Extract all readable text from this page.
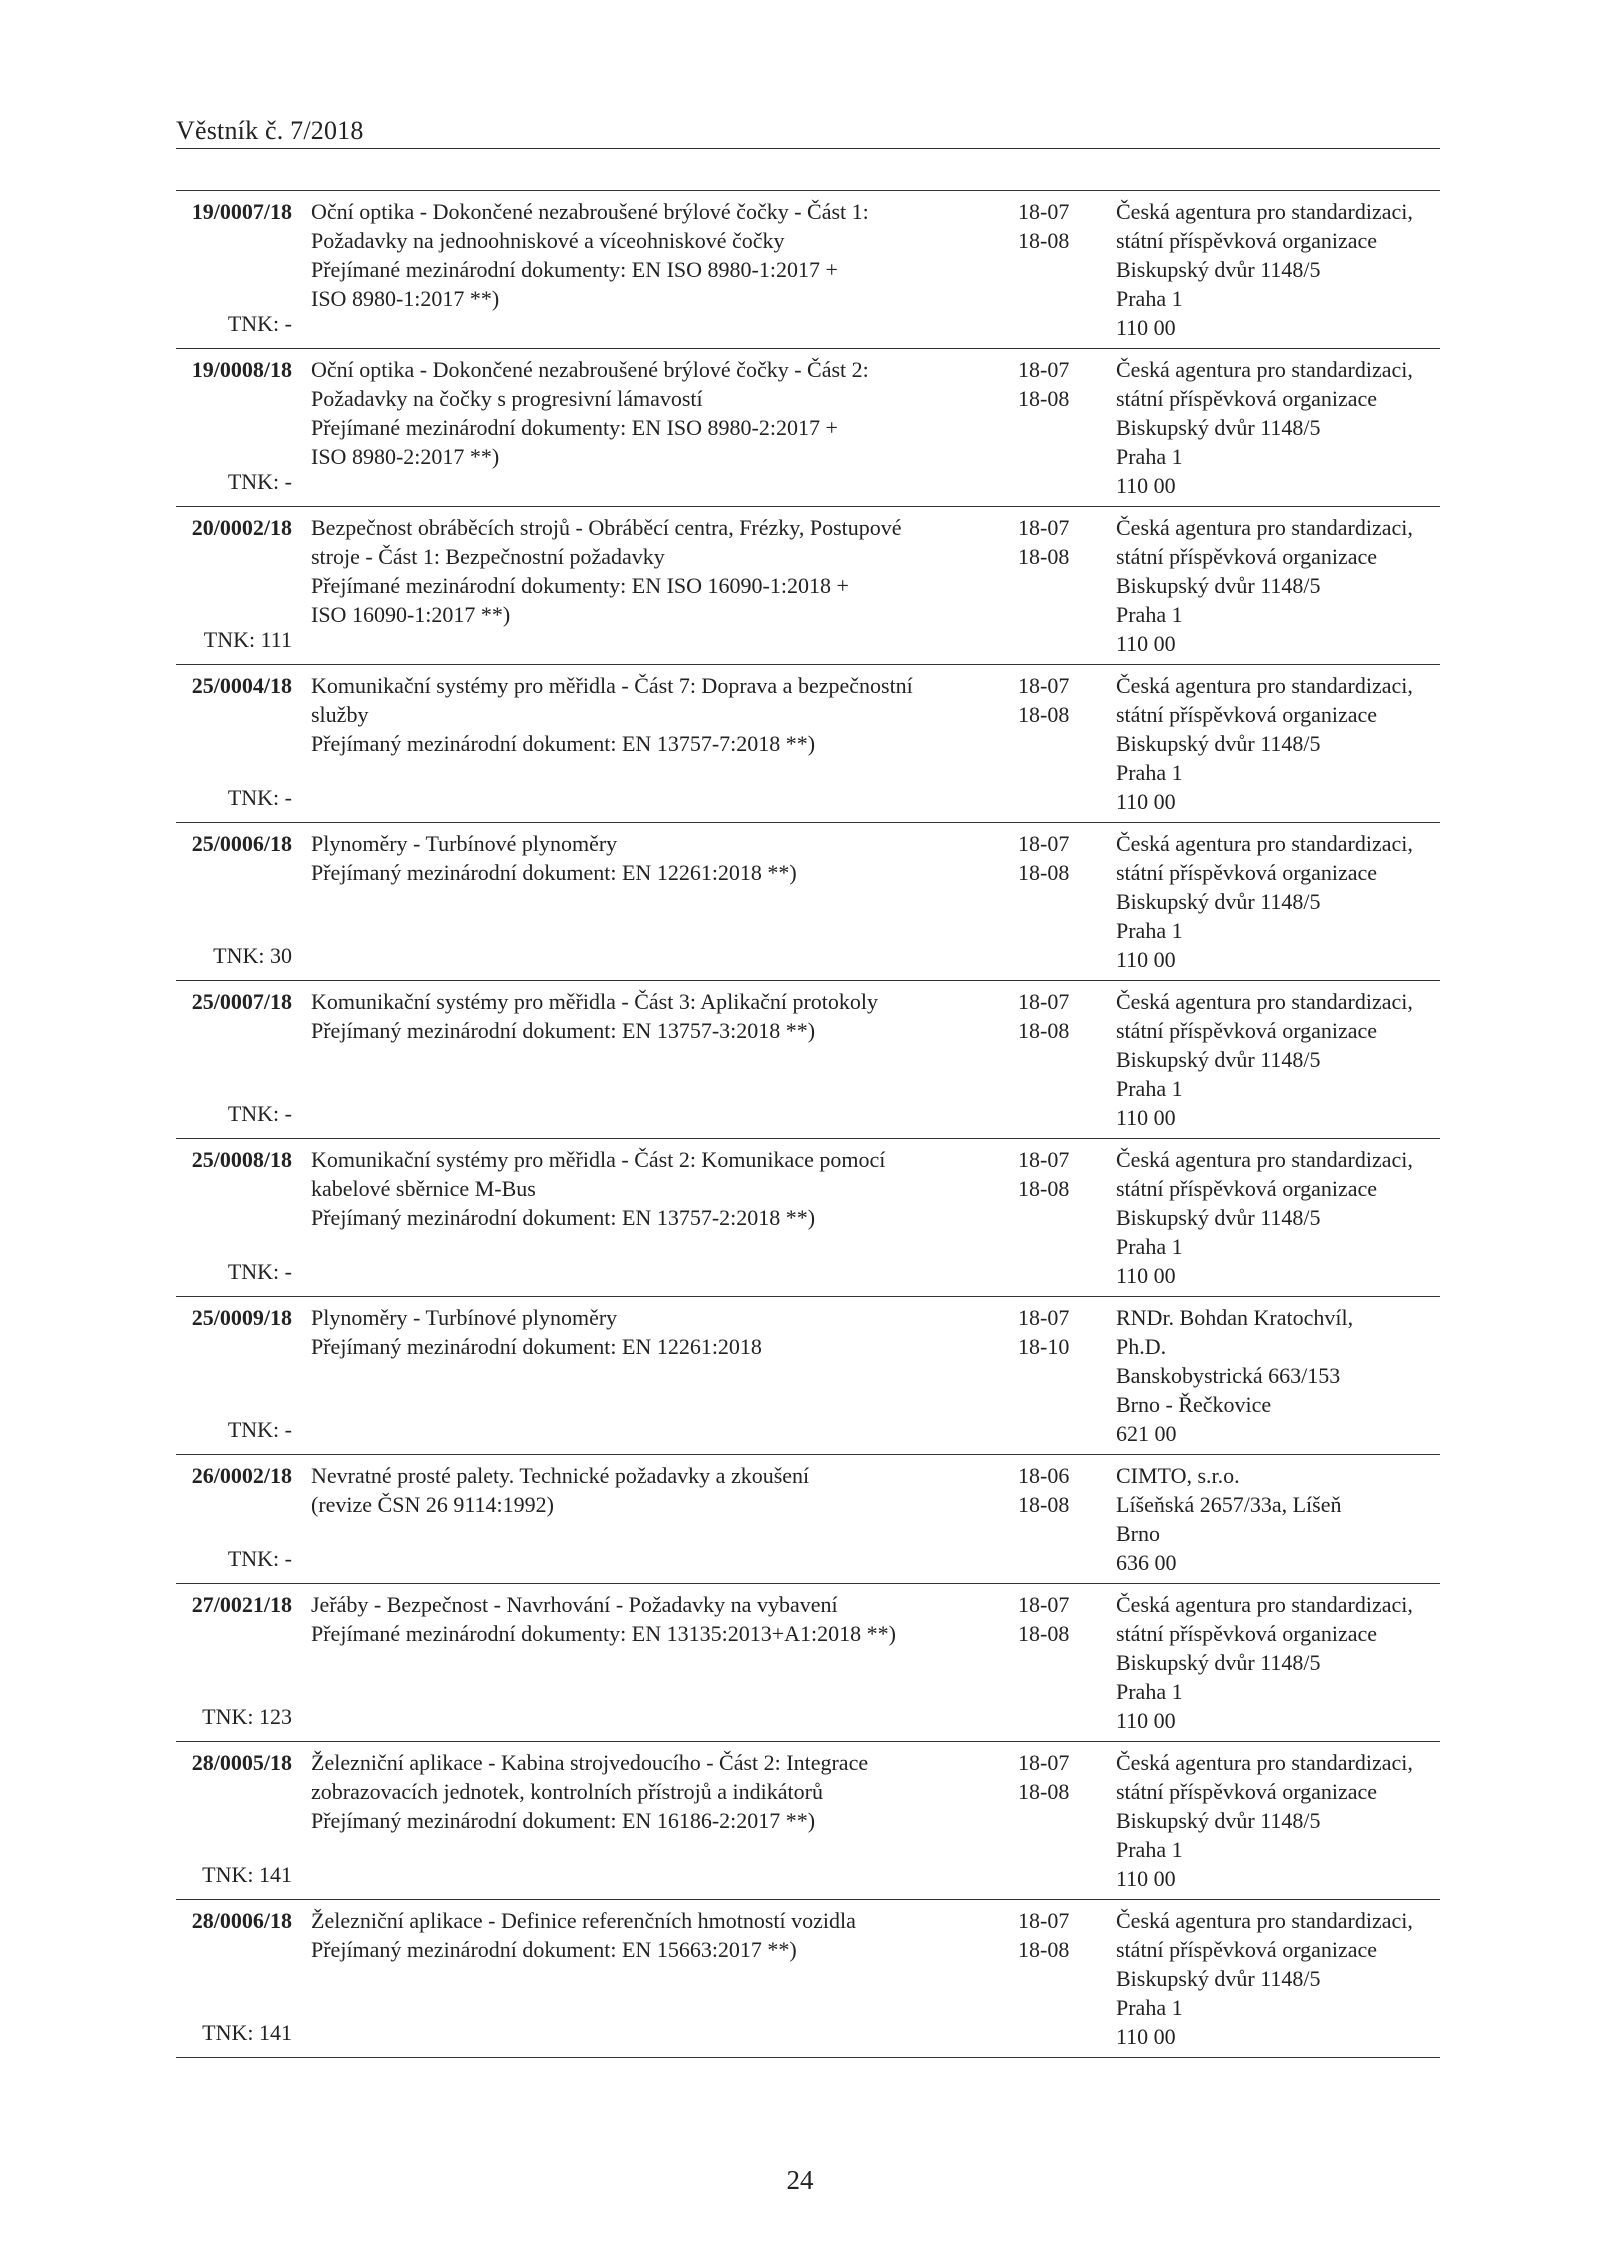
Věstník č. 7/2018
19/0007/18
TNK: -
Oční optika - Dokončené nezabroušené brýlové čočky - Část 1:
Požadavky na jednoohniskové a víceohniskové čočky
Přejímané mezinárodní dokumenty: EN ISO 8980-1:2017 +
ISO 8980-1:2017 **)
18-07
18-08
Česká agentura pro standardizaci,
státní příspěvková organizace
Biskupský dvůr 1148/5
Praha 1
110 00
19/0008/18
TNK: -
Oční optika - Dokončené nezabroušené brýlové čočky - Část 2:
Požadavky na čočky s progresivní lámavostí
Přejímané mezinárodní dokumenty: EN ISO 8980-2:2017 +
ISO 8980-2:2017 **)
18-07
18-08
Česká agentura pro standardizaci,
státní příspěvková organizace
Biskupský dvůr 1148/5
Praha 1
110 00
20/0002/18
TNK: 111
Bezpečnost obráběcích strojů - Obráběcí centra, Frézky, Postupové
stroje - Část 1: Bezpečnostní požadavky
Přejímané mezinárodní dokumenty: EN ISO 16090-1:2018 +
ISO 16090-1:2017 **)
18-07
18-08
Česká agentura pro standardizaci,
státní příspěvková organizace
Biskupský dvůr 1148/5
Praha 1
110 00
25/0004/18
TNK: -
Komunikační systémy pro měřidla - Část 7: Doprava a bezpečnostní
služby
Přejímaný mezinárodní dokument: EN 13757-7:2018 **)
18-07
18-08
Česká agentura pro standardizaci,
státní příspěvková organizace
Biskupský dvůr 1148/5
Praha 1
110 00
25/0006/18
TNK: 30
Plynoměry - Turbínové plynoměry
Přejímaný mezinárodní dokument: EN 12261:2018 **)
18-07
18-08
Česká agentura pro standardizaci,
státní příspěvková organizace
Biskupský dvůr 1148/5
Praha 1
110 00
25/0007/18
TNK: -
Komunikační systémy pro měřidla - Část 3: Aplikační protokoly
Přejímaný mezinárodní dokument: EN 13757-3:2018 **)
18-07
18-08
Česká agentura pro standardizaci,
státní příspěvková organizace
Biskupský dvůr 1148/5
Praha 1
110 00
25/0008/18
TNK: -
Komunikační systémy pro měřidla - Část 2: Komunikace pomocí
kabelové sběrnice M-Bus
Přejímaný mezinárodní dokument: EN 13757-2:2018 **)
18-07
18-08
Česká agentura pro standardizaci,
státní příspěvková organizace
Biskupský dvůr 1148/5
Praha 1
110 00
25/0009/18
TNK: -
Plynoměry - Turbínové plynoměry
Přejímaný mezinárodní dokument: EN 12261:2018
18-07
18-10
RNDr. Bohdan Kratochvíl,
Ph.D.
Banskobystrická 663/153
Brno - Řečkovice
621 00
26/0002/18
TNK: -
Nevratné prosté palety. Technické požadavky a zkoušení
(revize ČSN 26 9114:1992)
18-06
18-08
CIMTO, s.r.o.
Líšeňská 2657/33a, Líšeň
Brno
636 00
27/0021/18
TNK: 123
Jeřáby - Bezpečnost - Navrhování - Požadavky na vybavení
Přejímané mezinárodní dokumenty: EN 13135:2013+A1:2018 **)
18-07
18-08
Česká agentura pro standardizaci,
státní příspěvková organizace
Biskupský dvůr 1148/5
Praha 1
110 00
28/0005/18
TNK: 141
Železniční aplikace - Kabina strojvedoucího - Část 2: Integrace
zobrazovacích jednotek, kontrolních přístrojů a indikátorů
Přejímaný mezinárodní dokument: EN 16186-2:2017 **)
18-07
18-08
Česká agentura pro standardizaci,
státní příspěvková organizace
Biskupský dvůr 1148/5
Praha 1
110 00
28/0006/18
TNK: 141
Železniční aplikace - Definice referenčních hmotností vozidla
Přejímaný mezinárodní dokument: EN 15663:2017 **)
18-07
18-08
Česká agentura pro standardizaci,
státní příspěvková organizace
Biskupský dvůr 1148/5
Praha 1
110 00
24
